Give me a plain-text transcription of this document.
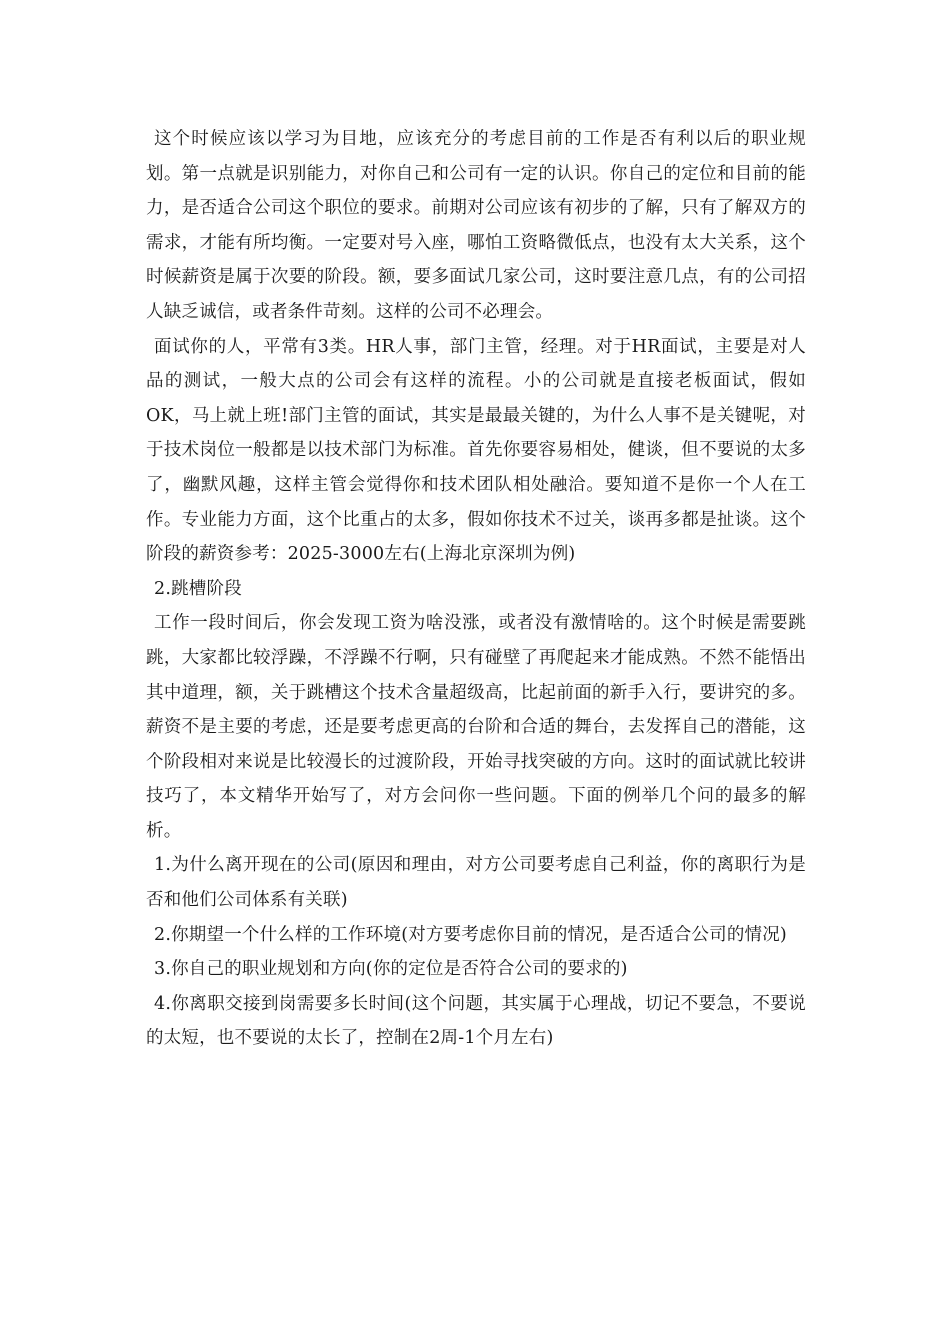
这个时候应该以学习为目地，应该充分的考虑目前的工作是否有利以后的职业规划。第一点就是识别能力，对你自己和公司有一定的认识。你自己的定位和目前的能力，是否适合公司这个职位的要求。前期对公司应该有初步的了解，只有了解双方的需求，才能有所均衡。一定要对号入座，哪怕工资略微低点，也没有太大关系，这个时候薪资是属于次要的阶段。额，要多面试几家公司，这时要注意几点，有的公司招人缺乏诚信，或者条件苛刻。这样的公司不必理会。

面试你的人，平常有3类。HR人事，部门主管，经理。对于HR面试，主要是对人品的测试，一般大点的公司会有这样的流程。小的公司就是直接老板面试，假如OK，马上就上班!部门主管的面试，其实是最最关键的，为什么人事不是关键呢，对于技术岗位一般都是以技术部门为标准。首先你要容易相处，健谈，但不要说的太多了，幽默风趣，这样主管会觉得你和技术团队相处融洽。要知道不是你一个人在工作。专业能力方面，这个比重占的太多，假如你技术不过关，谈再多都是扯谈。这个阶段的薪资参考：2025-3000左右(上海北京深圳为例)

2.跳槽阶段

工作一段时间后，你会发现工资为啥没涨，或者没有激情啥的。这个时候是需要跳跳，大家都比较浮躁，不浮躁不行啊，只有碰壁了再爬起来才能成熟。不然不能悟出其中道理，额，关于跳槽这个技术含量超级高，比起前面的新手入行，要讲究的多。薪资不是主要的考虑，还是要考虑更高的台阶和合适的舞台，去发挥自己的潜能，这个阶段相对来说是比较漫长的过渡阶段，开始寻找突破的方向。这时的面试就比较讲技巧了，本文精华开始写了，对方会问你一些问题。下面的例举几个问的最多的解析。

1.为什么离开现在的公司(原因和理由，对方公司要考虑自己利益，你的离职行为是否和他们公司体系有关联)

2.你期望一个什么样的工作环境(对方要考虑你目前的情况，是否适合公司的情况)

3.你自己的职业规划和方向(你的定位是否符合公司的要求的)

4.你离职交接到岗需要多长时间(这个问题，其实属于心理战，切记不要急，不要说的太短，也不要说的太长了，控制在2周-1个月左右)
